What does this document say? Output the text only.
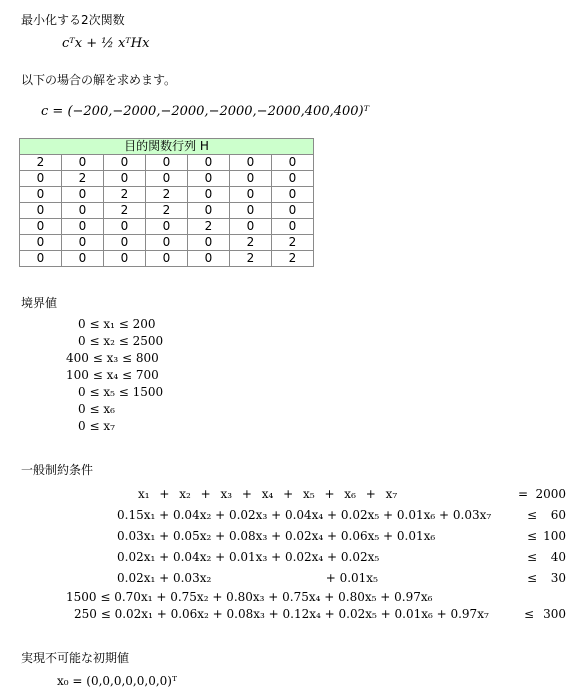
最小化する2次関数
cᵀx + ½ xᵀHx
以下の場合の解を求めます。
c = (−200,−2000,−2000,−2000,−2000,400,400)ᵀ
目的関数行列 H						
2	0	0	0	0	0	0
0	2	0	0	0	0	0
0	0	2	2	0	0	0
0	0	2	2	0	0	0
0	0	0	0	2	0	0
0	0	0	0	0	2	2
0	0	0	0	0	2	2
境界値
0 ≤ x₁ ≤ 200
0 ≤ x₂ ≤ 2500
400 ≤ x₃ ≤ 800
100 ≤ x₄ ≤ 700
0 ≤ x₅ ≤ 1500
0 ≤ x₆
0 ≤ x₇
一般制約条件
x₁ + x₂ + x₃ + x₄ + x₅ + x₆ + x₇	= 2000
0.15x₁ + 0.04x₂ + 0.02x₃ + 0.04x₄ + 0.02x₅ + 0.01x₆ + 0.03x₇	≤	60
0.03x₁ + 0.05x₂ + 0.08x₃ + 0.02x₄ + 0.06x₅ + 0.01x₆	≤ 100
0.02x₁ + 0.04x₂ + 0.01x₃ + 0.02x₄ + 0.02x₅	≤	40
0.02x₁ + 0.03x₂                              + 0.01x₅	≤	30
1500 ≤ 0.70x₁ + 0.75x₂ + 0.80x₃ + 0.75x₄ + 0.80x₅ + 0.97x₆
250 ≤ 0.02x₁ + 0.06x₂ + 0.08x₃ + 0.12x₄ + 0.02x₅ + 0.01x₆ + 0.97x₇	≤ 300
実現不可能な初期値
x₀ = (0,0,0,0,0,0,0)ᵀ
